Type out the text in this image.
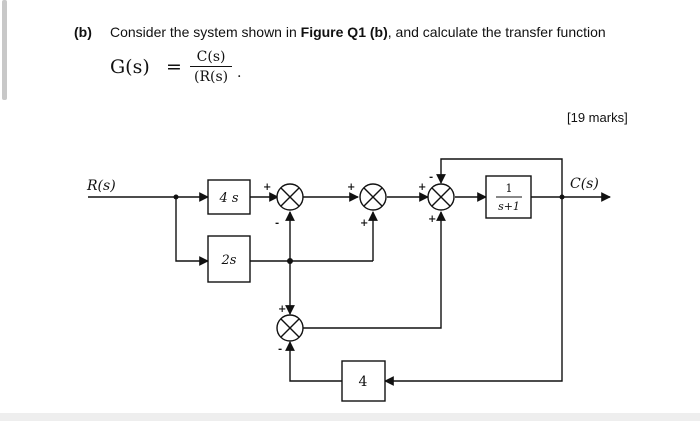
(b) Consider the system shown in Figure Q1 (b), and calculate the transfer function
$G(s) = \frac{C(s)}{(R(s)}$ .
[19 marks]
R(s)	C(s)
4 s
2s
1
s+1
4
+
-
+
+
+
-
+
+
-
